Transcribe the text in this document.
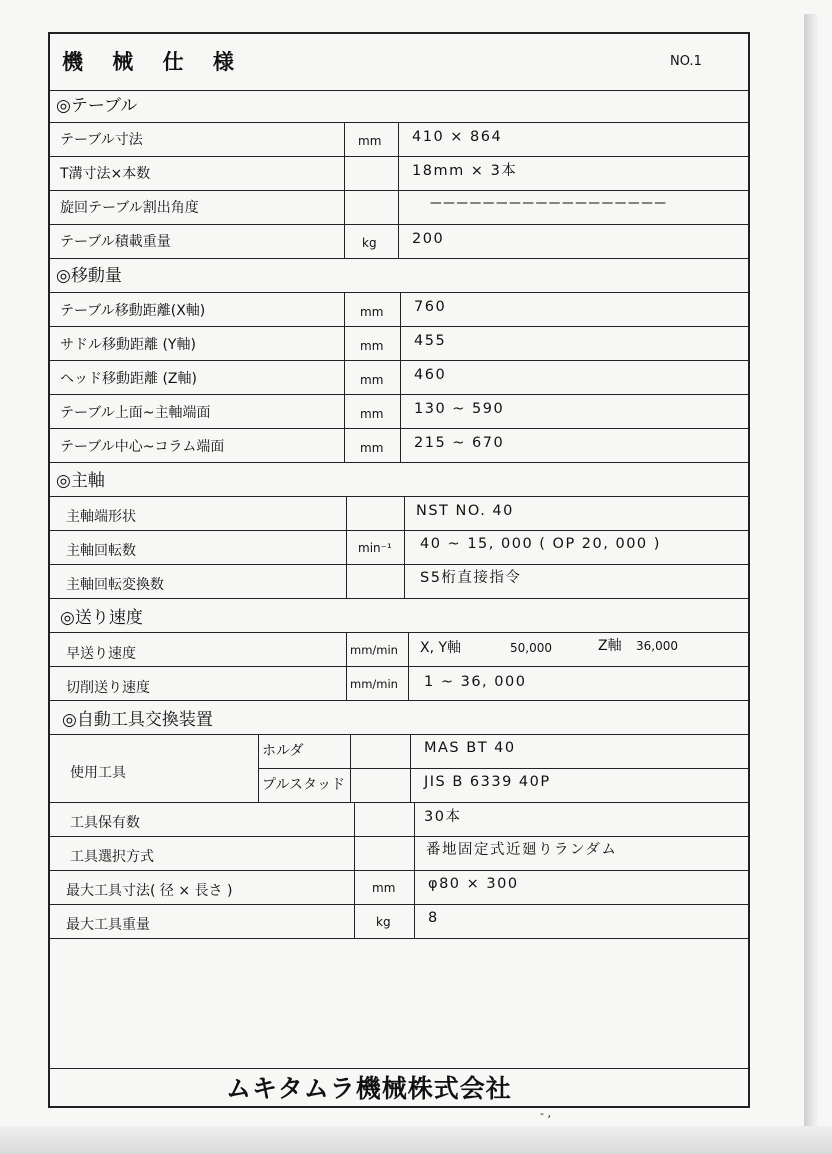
機 械 仕 様	NO.1
◎テーブル
テーブル寸法	mm 410 × 864
T溝寸法×本数	18mm × 3本
旋回テーブル割出角度	——————————————————
テーブル積載重量	kg 200
◎移動量
テーブル移動距離(X軸)	mm 760
サドル移動距離 (Y軸)	mm 455
ヘッド移動距離 (Z軸)	mm 460
テーブル上面~主軸端面	mm 130 ~ 590
テーブル中心~コラム端面	mm 215 ~ 670
◎主軸
主軸端形状	NST NO. 40
主軸回転数	min⁻¹ 40 ~ 15, 000 ( OP 20, 000 )
主軸回転変換数	S5桁直接指令
◎送り速度
早送り速度	mm/min X, Y軸	50,000	Z軸 36,000
切削送り速度	mm/min 1 ~ 36, 000
◎自動工具交換装置
使用工具
ホルダ	MAS BT 40
プルスタッド	JIS B 6339 40P
工具保有数	30本
工具選択方式	番地固定式近廻りランダム
最大工具寸法( 径 × 長さ )	mm φ80 × 300
最大工具重量	kg	8
ムキタムラ機械株式会社
- ,
